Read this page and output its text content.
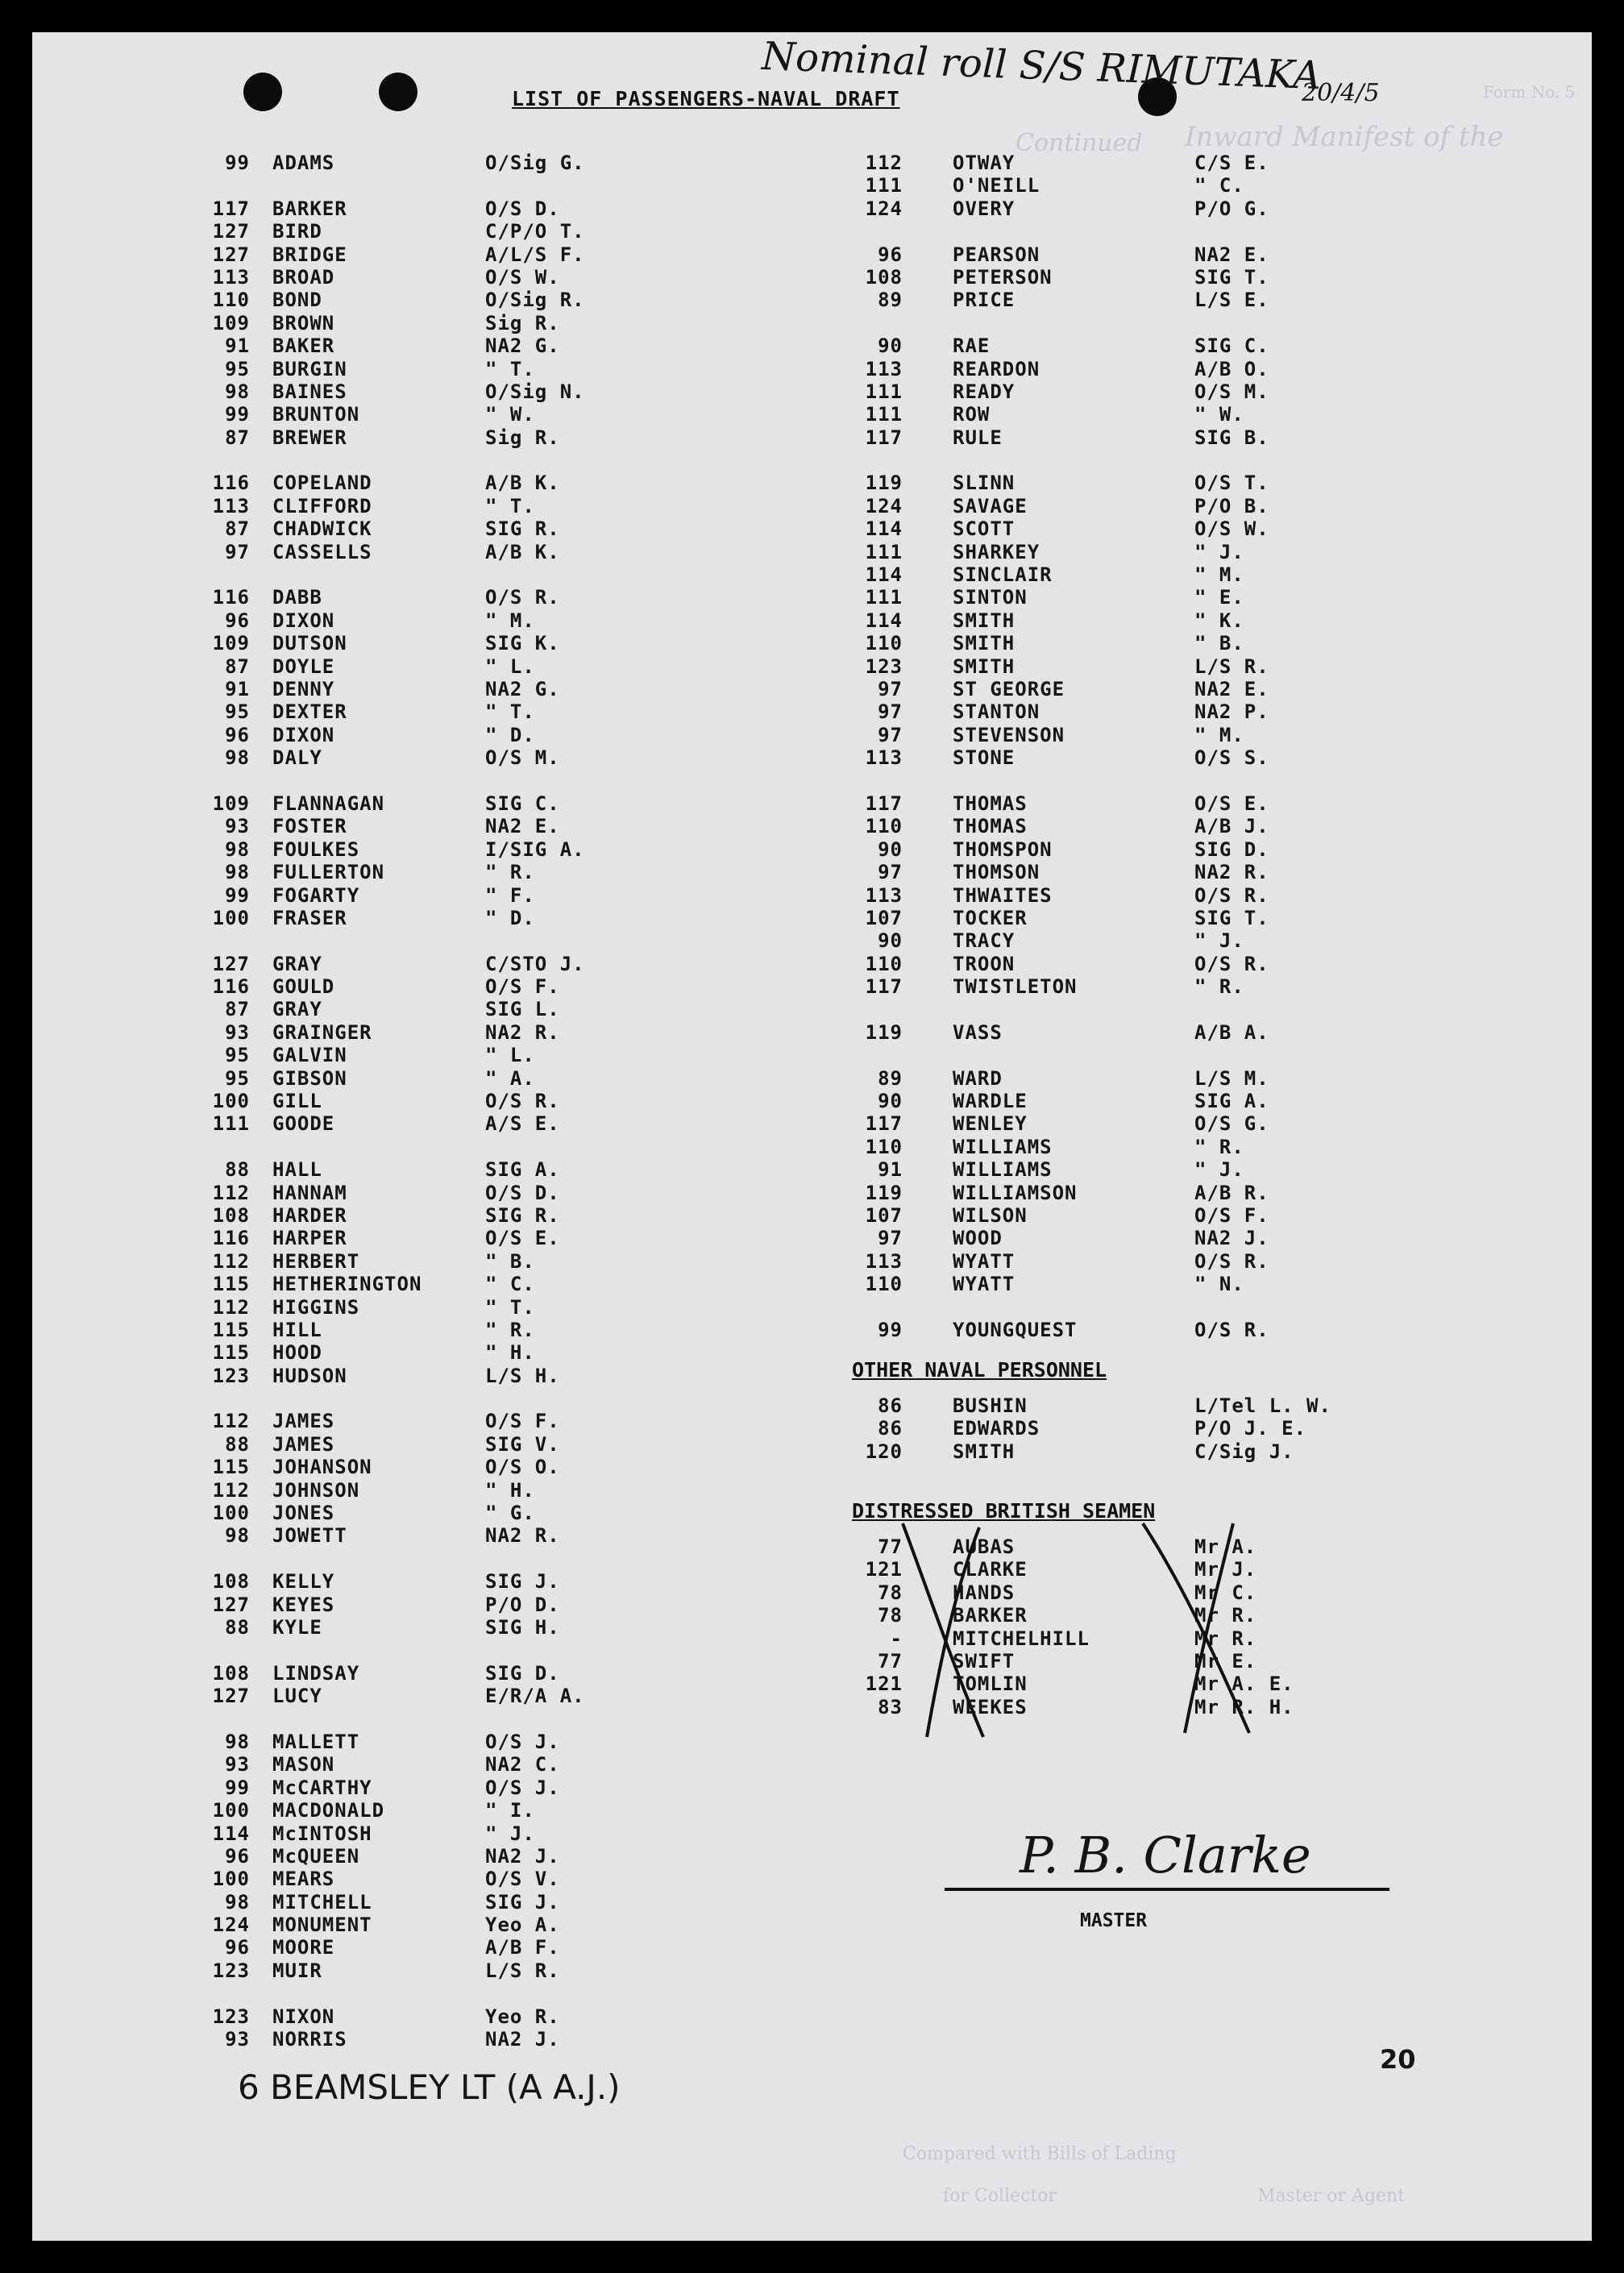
Form No. 5
Inward Manifest of the
Continued
Compared with Bills of Lading
for Collector	Master or Agent
Nominal roll S/S RIMUTAKA
20/4/5
LIST OF PASSENGERS-NAVAL DRAFT
99 ADAMS	O/Sig G.
117 BARKER	O/S D.
127 BIRD	C/P/O T.
127 BRIDGE	A/L/S F.
113 BROAD	O/S W.
110 BOND	O/Sig R.
109 BROWN	Sig R.
91 BAKER	NA2 G.
95 BURGIN	" T.
98 BAINES	O/Sig N.
99 BRUNTON	" W.
87 BREWER	Sig R.
116 COPELAND	A/B K.
113 CLIFFORD	" T.
87 CHADWICK	SIG R.
97 CASSELLS	A/B K.
116 DABB	O/S R.
96 DIXON	" M.
109 DUTSON	SIG K.
87 DOYLE	" L.
91 DENNY	NA2 G.
95 DEXTER	" T.
96 DIXON	" D.
98 DALY	O/S M.
109 FLANNAGAN	SIG C.
93 FOSTER	NA2 E.
98 FOULKES	I/SIG A.
98 FULLERTON	" R.
99 FOGARTY	" F.
100 FRASER	" D.
127 GRAY	C/STO J.
116 GOULD	O/S F.
87 GRAY	SIG L.
93 GRAINGER	NA2 R.
95 GALVIN	" L.
95 GIBSON	" A.
100 GILL	O/S R.
111 GOODE	A/S E.
88 HALL	SIG A.
112 HANNAM	O/S D.
108 HARDER	SIG R.
116 HARPER	O/S E.
112 HERBERT	" B.
115 HETHERINGTON	" C.
112 HIGGINS	" T.
115 HILL	" R.
115 HOOD	" H.
123 HUDSON	L/S H.
112 JAMES	O/S F.
88 JAMES	SIG V.
115 JOHANSON	O/S O.
112 JOHNSON	" H.
100 JONES	" G.
98 JOWETT	NA2 R.
108 KELLY	SIG J.
127 KEYES	P/O D.
88 KYLE	SIG H.
108 LINDSAY	SIG D.
127 LUCY	E/R/A A.
98 MALLETT	O/S J.
93 MASON	NA2 C.
99 McCARTHY	O/S J.
100 MACDONALD	" I.
114 McINTOSH	" J.
96 McQUEEN	NA2 J.
100 MEARS	O/S V.
98 MITCHELL	SIG J.
124 MONUMENT	Yeo A.
96 MOORE	A/B F.
123 MUIR	L/S R.
123 NIXON	Yeo R.
93 NORRIS	NA2 J.
112	OTWAY	C/S E.
111	O'NEILL	" C.
124	OVERY	P/O G.
96	PEARSON	NA2 E.
108	PETERSON	SIG T.
89	PRICE	L/S E.
90	RAE	SIG C.
113	REARDON	A/B O.
111	READY	O/S M.
111	ROW	" W.
117	RULE	SIG B.
119	SLINN	O/S T.
124	SAVAGE	P/O B.
114	SCOTT	O/S W.
111	SHARKEY	" J.
114	SINCLAIR	" M.
111	SINTON	" E.
114	SMITH	" K.
110	SMITH	" B.
123	SMITH	L/S R.
97	ST GEORGE	NA2 E.
97	STANTON	NA2 P.
97	STEVENSON	" M.
113	STONE	O/S S.
117	THOMAS	O/S E.
110	THOMAS	A/B J.
90	THOMSPON	SIG D.
97	THOMSON	NA2 R.
113	THWAITES	O/S R.
107	TOCKER	SIG T.
90	TRACY	" J.
110	TROON	O/S R.
117	TWISTLETON	" R.
119	VASS	A/B A.
89	WARD	L/S M.
90	WARDLE	SIG A.
117	WENLEY	O/S G.
110	WILLIAMS	" R.
91	WILLIAMS	" J.
119	WILLIAMSON	A/B R.
107	WILSON	O/S F.
97	WOOD	NA2 J.
113	WYATT	O/S R.
110	WYATT	" N.
99	YOUNGQUEST	O/S R.
OTHER NAVAL PERSONNEL
86	BUSHIN	L/Tel L. W.
86	EDWARDS	P/O J. E.
120	SMITH	C/Sig J.
DISTRESSED BRITISH SEAMEN
77	AUBAS	Mr A.
121	CLARKE	Mr J.
78	HANDS	Mr C.
78	BARKER	Mr R.
-	MITCHELHILL	Mr R.
77	SWIFT	Mr E.
121	TOMLIN	Mr A. E.
83	WEEKES	Mr R. H.
P. B. Clarke
MASTER
6 BEAMSLEY LT (A A.J.)
20
